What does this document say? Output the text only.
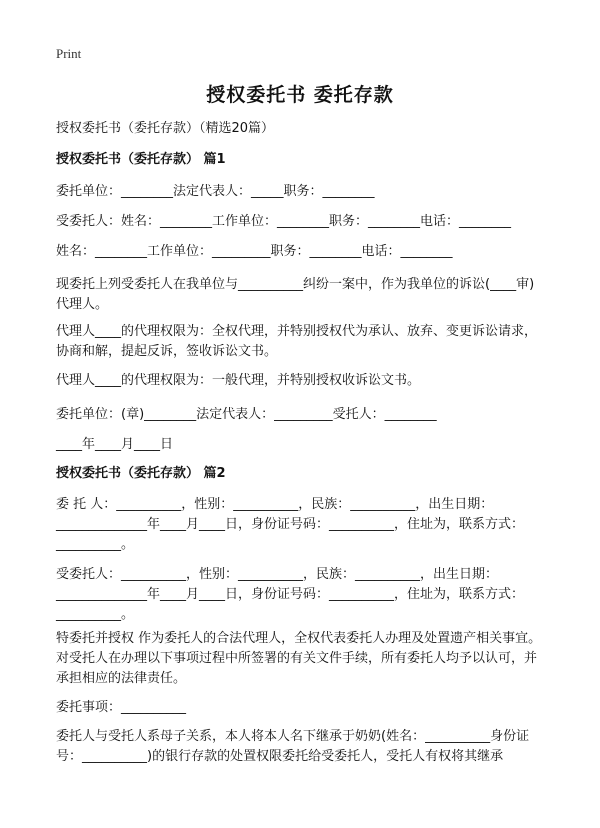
Print
授权委托书 委托存款
授权委托书（委托存款）（精选20篇）
授权委托书（委托存款） 篇1
委托单位：________法定代表人：_____职务：________
受委托人：姓名：________工作单位：________职务：________电话：________
姓名：________工作单位：_________职务：________电话：________
现委托上列受委托人在我单位与__________纠纷一案中，作为我单位的诉讼(____审)代理人。
代理人____的代理权限为：全权代理，并特别授权代为承认、放弃、变更诉讼请求，协商和解，提起反诉，签收诉讼文书。
代理人____的代理权限为：一般代理，并特别授权收诉讼文书。
委托单位：(章)________法定代表人：_________受托人：________
____年____月____日
授权委托书（委托存款） 篇2
委 托 人：__________，性别：__________，民族：__________，出生日期：______________年____月____日，身份证号码：__________，住址为，联系方式：__________。
受委托人：__________，性别：__________，民族：__________，出生日期：______________年____月____日，身份证号码：__________，住址为，联系方式：__________。
特委托并授权 作为委托人的合法代理人，全权代表委托人办理及处置遗产相关事宜。对受托人在办理以下事项过程中所签署的有关文件手续，所有委托人均予以认可，并承担相应的法律责任。
委托事项：__________
委托人与受托人系母子关系，本人将本人名下继承于奶奶(姓名：__________身份证号：__________)的银行存款的处置权限委托给受委托人，受托人有权将其继承
